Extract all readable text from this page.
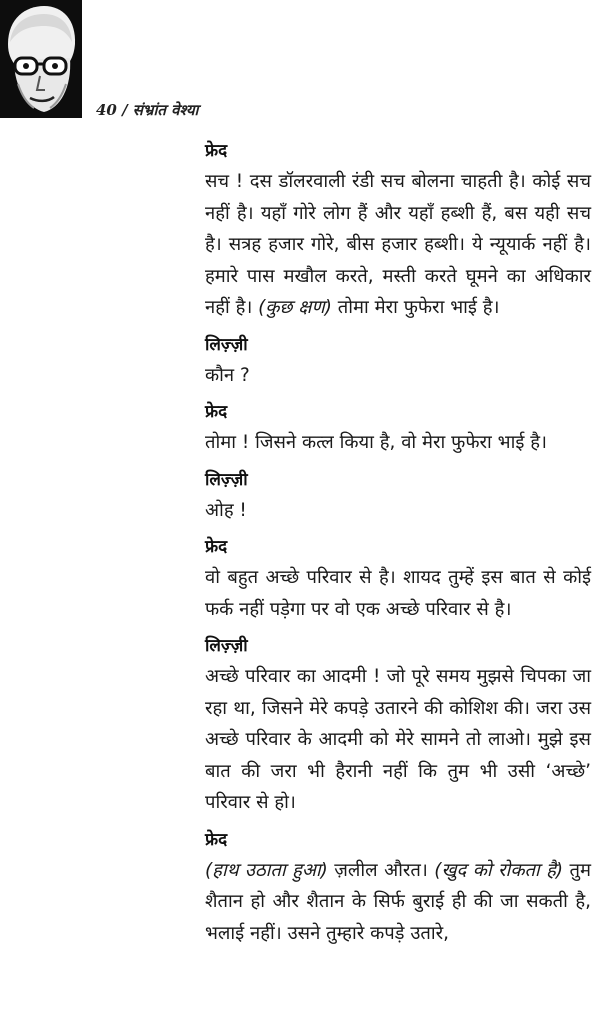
40 / संभ्रांत वेश्या
फ्रेद
सच ! दस डॉलरवाली रंडी सच बोलना चाहती है। कोई सच नहीं है। यहाँ गोरे लोग हैं और यहाँ हब्शी हैं, बस यही सच है। सत्रह हजार गोरे, बीस हजार हब्शी। ये न्यूयार्क नहीं है। हमारे पास मखौल करते, मस्ती करते घूमने का अधिकार नहीं है। (कुछ क्षण) तोमा मेरा फुफेरा भाई है।
लिज़्ज़ी
कौन ?
फ्रेद
तोमा ! जिसने कत्ल किया है, वो मेरा फुफेरा भाई है।
लिज़्ज़ी
ओह !
फ्रेद
वो बहुत अच्छे परिवार से है। शायद तुम्हें इस बात से कोई फर्क नहीं पड़ेगा पर वो एक अच्छे परिवार से है।
लिज़्ज़ी
अच्छे परिवार का आदमी ! जो पूरे समय मुझसे चिपका जा रहा था, जिसने मेरे कपड़े उतारने की कोशिश की। जरा उस अच्छे परिवार के आदमी को मेरे सामने तो लाओ। मुझे इस बात की जरा भी हैरानी नहीं कि तुम भी उसी ‘अच्छे’ परिवार से हो।
फ्रेद
(हाथ उठाता हुआ) ज़लील औरत। (खुद को रोकता है) तुम शैतान हो और शैतान के सिर्फ बुराई ही की जा सकती है, भलाई नहीं। उसने तुम्हारे कपड़े उतारे,
